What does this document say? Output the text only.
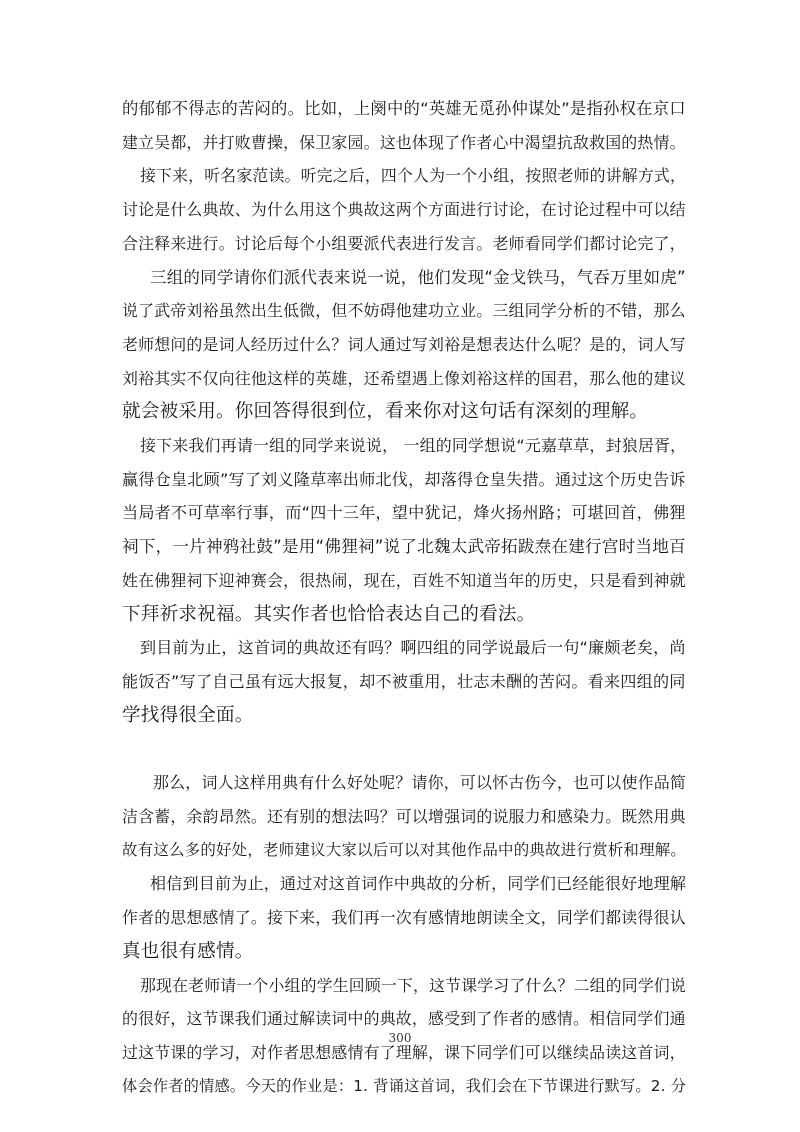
的郁郁不得志的苦闷的。比如，上阕中的“英雄无觅孙仲谋处”是指孙权在京口
建立吴都，并打败曹操，保卫家园。这也体现了作者心中渴望抗敌救国的热情。

接下来，听名家范读。听完之后，四个人为一个小组，按照老师的讲解方式，
讨论是什么典故、为什么用这个典故这两个方面进行讨论，在讨论过程中可以结
合注释来进行。讨论后每个小组要派代表进行发言。老师看同学们都讨论完了，

三组的同学请你们派代表来说一说，他们发现“金戈铁马，气吞万里如虎”
说了武帝刘裕虽然出生低微，但不妨碍他建功立业。三组同学分析的不错，那么
老师想问的是词人经历过什么？词人通过写刘裕是想表达什么呢？是的，词人写
刘裕其实不仅向往他这样的英雄，还希望遇上像刘裕这样的国君，那么他的建议
就会被采用。你回答得很到位，看来你对这句话有深刻的理解。

接下来我们再请一组的同学来说说， 一组的同学想说“元嘉草草，封狼居胥，
赢得仓皇北顾”写了刘义隆草率出师北伐，却落得仓皇失措。通过这个历史告诉
当局者不可草率行事，而“四十三年，望中犹记，烽火扬州路；可堪回首，佛狸
祠下，一片神鸦社鼓”是用“佛狸祠”说了北魏太武帝拓跋焘在建行宫时当地百
姓在佛狸祠下迎神赛会，很热闹，现在，百姓不知道当年的历史，只是看到神就
下拜祈求祝福。其实作者也恰恰表达自己的看法。

到目前为止，这首词的典故还有吗？啊四组的同学说最后一句“廉颇老矣，尚
能饭否”写了自己虽有远大报复，却不被重用，壮志未酬的苦闷。看来四组的同
学找得很全面。

那么，词人这样用典有什么好处呢？请你，可以怀古伤今，也可以使作品简
洁含蓄，余韵昂然。还有别的想法吗？可以增强词的说服力和感染力。既然用典
故有这么多的好处，老师建议大家以后可以对其他作品中的典故进行赏析和理解。

相信到目前为止，通过对这首词作中典故的分析，同学们已经能很好地理解
作者的思想感情了。接下来，我们再一次有感情地朗读全文，同学们都读得很认
真也很有感情。

那现在老师请一个小组的学生回顾一下，这节课学习了什么？二组的同学们说
的很好，这节课我们通过解读词中的典故，感受到了作者的感情。相信同学们通
过这节课的学习，对作者思想感情有了理解，课下同学们可以继续品读这首词，
体会作者的情感。今天的作业是：1. 背诵这首词，我们会在下节课进行默写。2. 分

300
